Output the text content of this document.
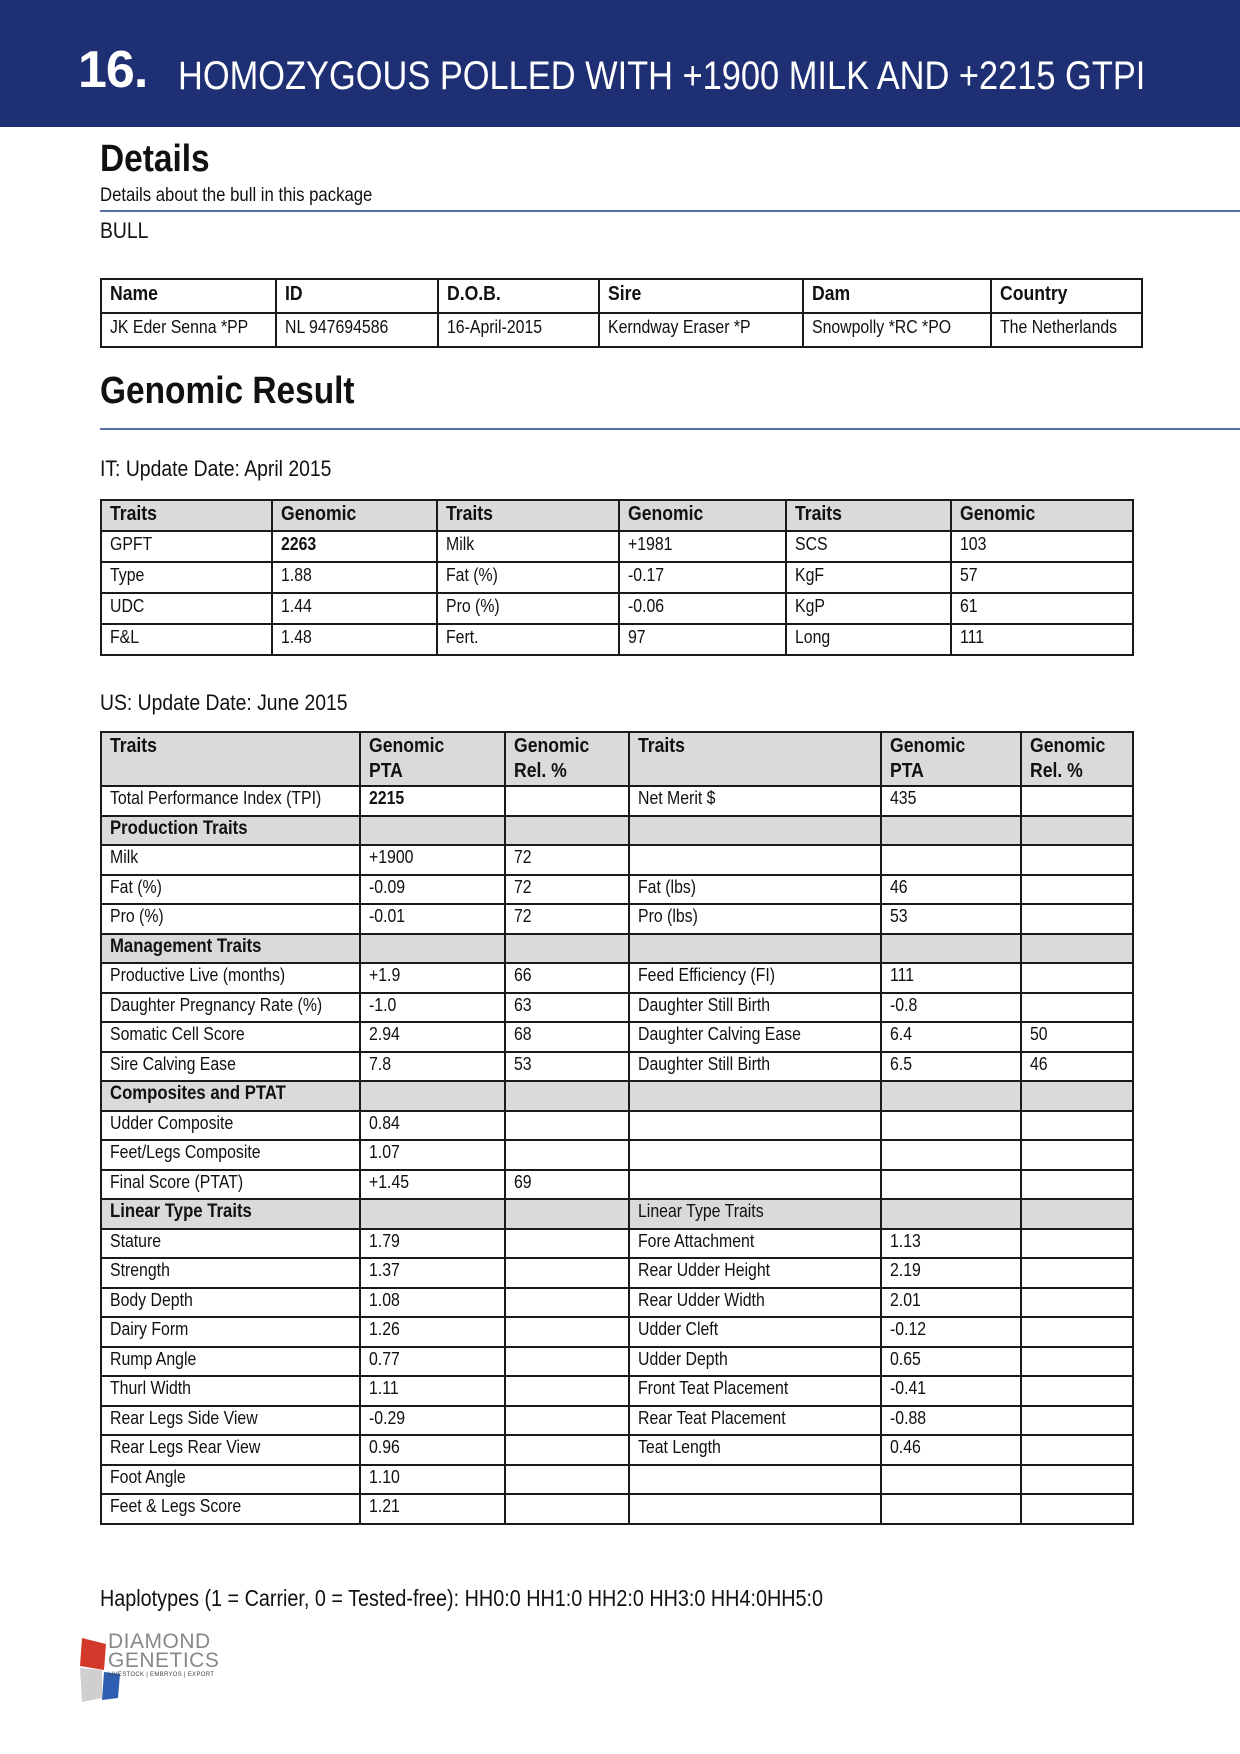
16. HOMOZYGOUS POLLED WITH +1900 MILK AND +2215 GTPI
Details
Details about the bull in this package
BULL
Name	ID	D.O.B.	Sire	Dam	Country
JK Eder Senna *PP	NL 947694586	16-April-2015	Kerndway Eraser *P	Snowpolly *RC *PO	The Netherlands
Genomic Result
IT: Update Date: April 2015
Traits	Genomic	Traits	Genomic	Traits	Genomic
GPFT	2263	Milk	+1981	SCS	103
Type	1.88	Fat (%)	-0.17	KgF	57
UDC	1.44	Pro (%)	-0.06	KgP	61
F&L	1.48	Fert.	97	Long	111
US: Update Date: June 2015
Traits	Genomic PTA	Genomic Rel. %	Traits	Genomic PTA	Genomic Rel. %
Total Performance Index (TPI)	2215		Net Merit $	435	
Production Traits					
Milk	+1900	72			
Fat (%)	-0.09	72	Fat (lbs)	46	
Pro (%)	-0.01	72	Pro (lbs)	53	
Management Traits					
Productive Live (months)	+1.9	66	Feed Efficiency (FI)	111	
Daughter Pregnancy Rate (%)	-1.0	63	Daughter Still Birth	-0.8	
Somatic Cell Score	2.94	68	Daughter Calving Ease	6.4	50
Sire Calving Ease	7.8	53	Daughter Still Birth	6.5	46
Composites and PTAT					
Udder Composite	0.84				
Feet/Legs Composite	1.07				
Final Score (PTAT)	+1.45	69			
Linear Type Traits			Linear Type Traits		
Stature	1.79		Fore Attachment	1.13	
Strength	1.37		Rear Udder Height	2.19	
Body Depth	1.08		Rear Udder Width	2.01	
Dairy Form	1.26		Udder Cleft	-0.12	
Rump Angle	0.77		Udder Depth	0.65	
Thurl Width	1.11		Front Teat Placement	-0.41	
Rear Legs Side View	-0.29		Rear Teat Placement	-0.88	
Rear Legs Rear View	0.96		Teat Length	0.46	
Foot Angle	1.10				
Feet & Legs Score	1.21				
Haplotypes (1 = Carrier, 0 = Tested-free): HH0:0 HH1:0 HH2:0 HH3:0 HH4:0HH5:0
DIAMOND
GENETICS
LIVESTOCK | EMBRYOS | EXPORT
